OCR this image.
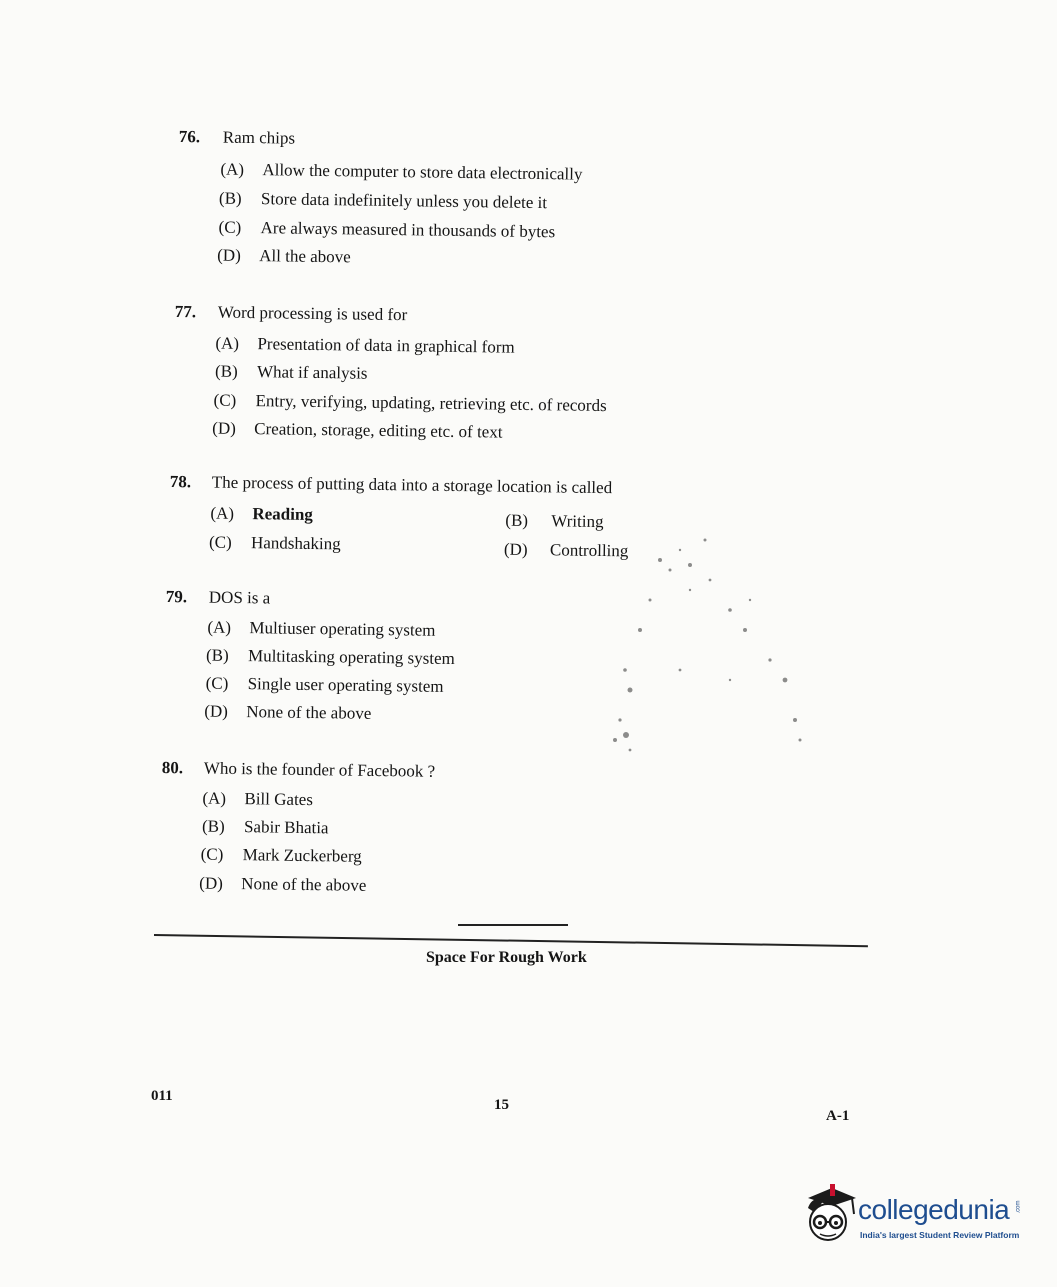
76. Ram chips
(A) Allow the computer to store data electronically
(B) Store data indefinitely unless you delete it
(C) Are always measured in thousands of bytes
(D) All the above
77. Word processing is used for
(A) Presentation of data in graphical form
(B) What if analysis
(C) Entry, verifying, updating, retrieving etc. of records
(D) Creation, storage, editing etc. of text
78. The process of putting data into a storage location is called
(A) Reading	(B) Writing
(C) Handshaking	(D) Controlling
79. DOS is a
(A) Multiuser operating system
(B) Multitasking operating system
(C) Single user operating system
(D) None of the above
80. Who is the founder of Facebook ?
(A) Bill Gates
(B) Sabir Bhatia
(C) Mark Zuckerberg
(D) None of the above
Space For Rough Work
011
15
A-1
collegedunia .com
India's largest Student Review Platform
